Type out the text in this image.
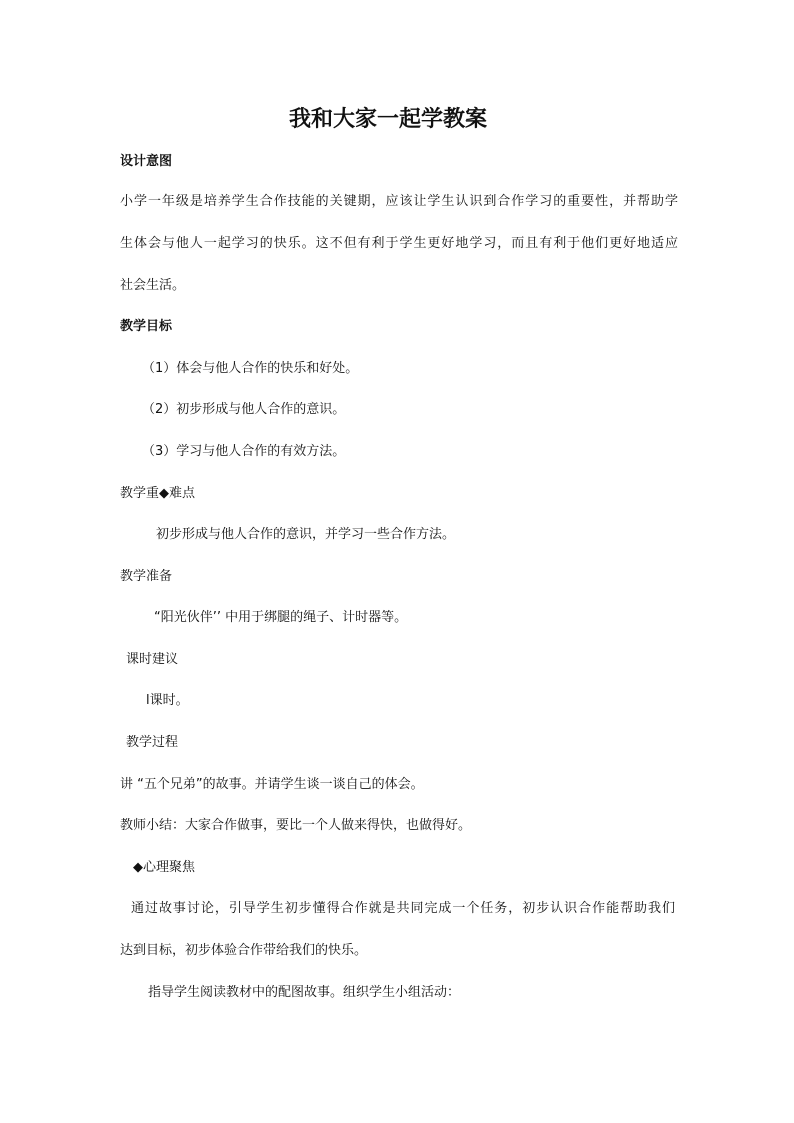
我和大家一起学教案
设计意图
小学一年级是培养学生合作技能的关键期，应该让学生认识到合作学习的重要性，并帮助学
生体会与他人一起学习的快乐。这不但有利于学生更好地学习，而且有利于他们更好地适应
社会生活。
教学目标
（1）体会与他人合作的快乐和好处。
（2）初步形成与他人合作的意识。
（3）学习与他人合作的有效方法。
教学重◆难点
初步形成与他人合作的意识，并学习一些合作方法。
教学准备
“阳光伙伴’’ 中用于绑腿的绳子、计时器等。
课时建议
l课时。
教学过程
讲 “五个兄弟”的故事。并请学生谈一谈自己的体会。
教师小结：大家合作做事，要比一个人做来得快，也做得好。
◆心理聚焦
通过故事讨论，引导学生初步懂得合作就是共同完成一个任务，初步认识合作能帮助我们
达到目标，初步体验合作带给我们的快乐。
指导学生阅读教材中的配图故事。组织学生小组活动：
